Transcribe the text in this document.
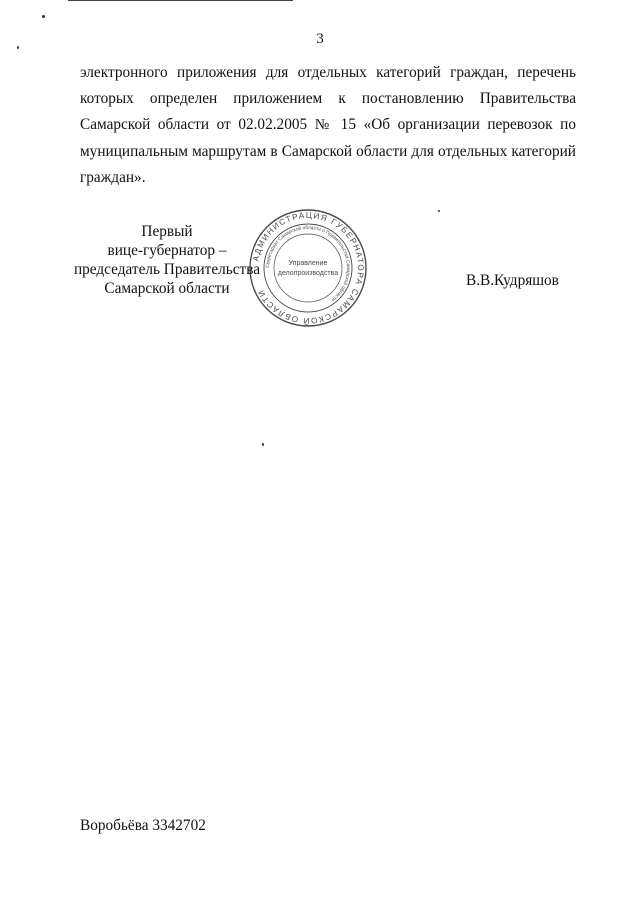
3
электронного приложения для отдельных категорий граждан, перечень
которых определен приложением к постановлению Правительства
Самарской области от 02.02.2005 № 15 «Об организации перевозок по
муниципальным маршрутам в Самарской области для отдельных категорий
граждан».
АДМИНИСТРАЦИЯ ГУБЕРНАТОРА САМАРСКОЙ ОБЛАСТИ
Секретариат Самарской области и Правительства Самарской области
Управление
делопроизводства
Первый
вице-губернатор –
председатель Правительства
Самарской области	В.В.Кудряшов
Воробьёва 3342702
